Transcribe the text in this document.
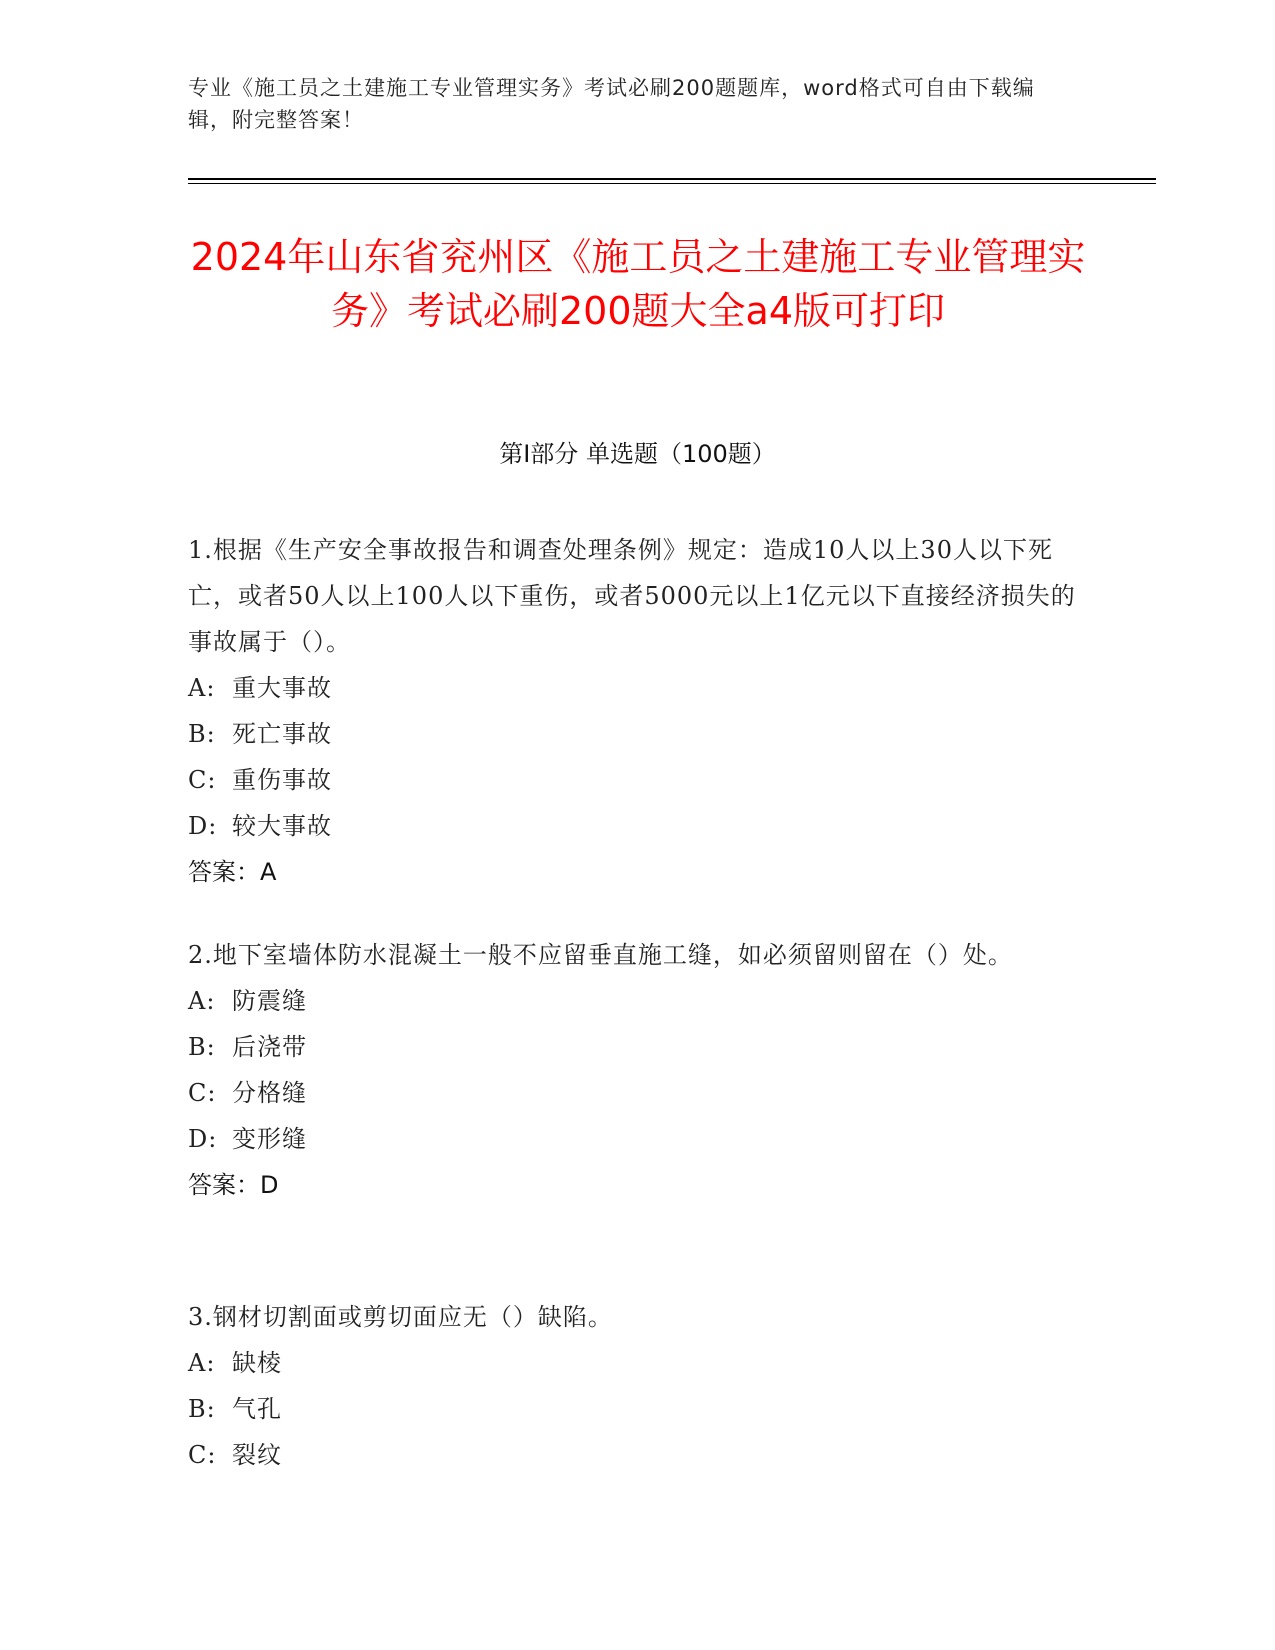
专业《施工员之土建施工专业管理实务》考试必刷200题题库，word格式可自由下载编辑，附完整答案！
2024年山东省兖州区《施工员之土建施工专业管理实务》考试必刷200题大全a4版可打印
第I部分 单选题（100题）

1.根据《生产安全事故报告和调查处理条例》规定：造成10人以上30人以下死亡，或者50人以上100人以下重伤，或者5000元以上1亿元以下直接经济损失的事故属于（）。

A: 重大事故

B: 死亡事故

C: 重伤事故

D: 较大事故

答案：A

2.地下室墙体防水混凝土一般不应留垂直施工缝，如必须留则留在（）处。

A: 防震缝

B: 后浇带

C: 分格缝

D: 变形缝

答案：D

3.钢材切割面或剪切面应无（）缺陷。

A: 缺棱

B: 气孔

C: 裂纹
